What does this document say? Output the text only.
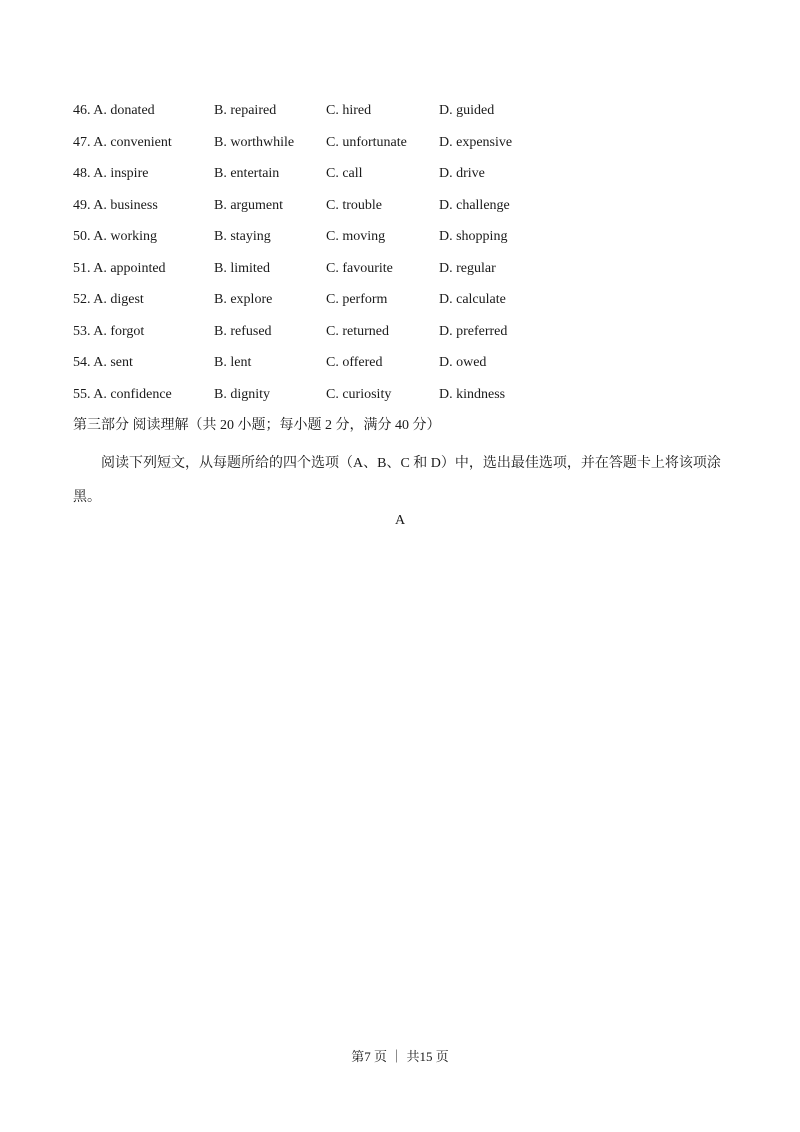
46. A. donated	B. repaired	C. hired	D. guided
47. A. convenient	B. worthwhile C. unfortunate D. expensive
48. A. inspire	B. entertain	C. call	D. drive
49. A. business	B. argument	C. trouble	D. challenge
50. A. working	B. staying	C. moving	D. shopping
51. A. appointed	B. limited	C. favourite	D. regular
52. A. digest	B. explore	C. perform	D. calculate
53. A. forgot	B. refused	C. returned	D. preferred
54. A. sent	B. lent	C. offered	D. owed
55. A. confidence	B. dignity	C. curiosity	D. kindness
第三部分 阅读理解（共 20 小题；每小题 2 分，满分 40 分）
阅读下列短文，从每题所给的四个选项（A、B、C 和 D）中，选出最佳选项，并在答题卡上将该项涂黑。
A
第7 页 ｜ 共15 页
